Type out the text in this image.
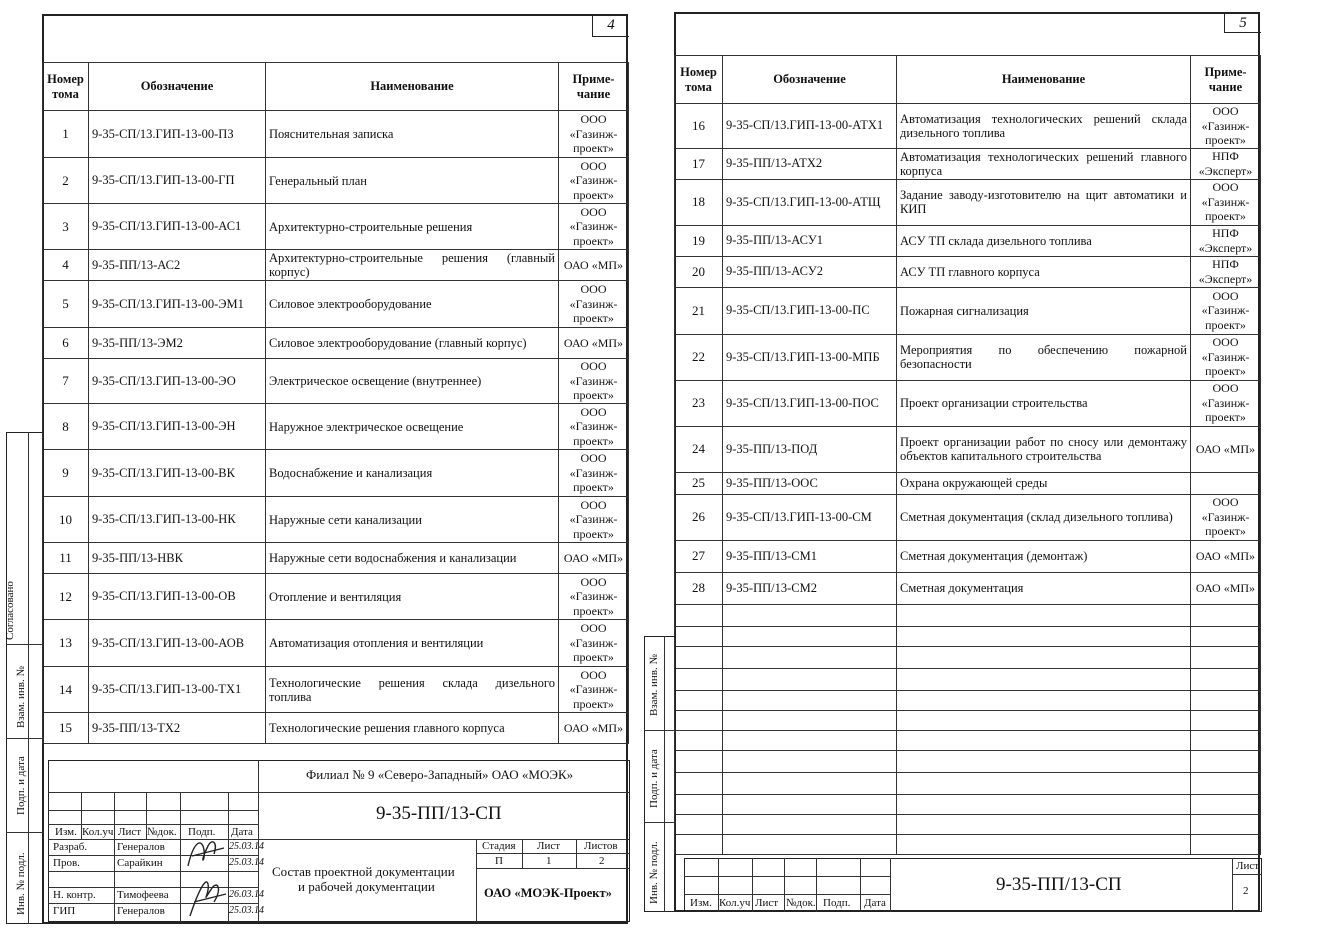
4
Номер тома	Обозначение	Наименование	Приме-чание
1	9-35-СП/13.ГИП-13-00-ПЗ	Пояснительная записка	ООО «Газинж-проект»
2	9-35-СП/13.ГИП-13-00-ГП	Генеральный план	ООО «Газинж-проект»
3	9-35-СП/13.ГИП-13-00-АС1	Архитектурно-строительные решения	ООО «Газинж-проект»
4	9-35-ПП/13-АС2	Архитектурно-строительные решения (главный корпус)	ОАО «МП»
5	9-35-СП/13.ГИП-13-00-ЭМ1	Силовое электрооборудование	ООО «Газинж-проект»
6	9-35-ПП/13-ЭМ2	Силовое электрооборудование (главный корпус)	ОАО «МП»
7	9-35-СП/13.ГИП-13-00-ЭО	Электрическое освещение (внутреннее)	ООО «Газинж-проект»
8	9-35-СП/13.ГИП-13-00-ЭН	Наружное электрическое освещение	ООО «Газинж-проект»
9	9-35-СП/13.ГИП-13-00-ВК	Водоснабжение и канализация	ООО «Газинж-проект»
10	9-35-СП/13.ГИП-13-00-НК	Наружные сети канализации	ООО «Газинж-проект»
11	9-35-ПП/13-НВК	Наружные сети водоснабжения и канализации	ОАО «МП»
12	9-35-СП/13.ГИП-13-00-ОВ	Отопление и вентиляция	ООО «Газинж-проект»
13	9-35-СП/13.ГИП-13-00-АОВ	Автоматизация отопления и вентиляции	ООО «Газинж-проект»
14	9-35-СП/13.ГИП-13-00-ТХ1	Технологические решения склада дизельного топлива	ООО «Газинж-проект»
15	9-35-ПП/13-ТХ2	Технологические решения главного корпуса	ОАО «МП»
Согласовано
Взам. инв. №
Подп. и дата
Инв. № подл.
Филиал № 9 «Северо-Западный» ОАО «МОЭК»
9-35-ПП/13-СП
Изм. Кол.уч Лист №док. Подп. Дата
Разраб.	Генералов	25.03.14
Пров.	Сарайкин	25.03.14
Н. контр. Тимофеева	26.03.14
ГИП	Генералов	25.03.14
Состав проектной документации
и рабочей документации
Стадия Лист Листов
П	1	2
ОАО «МОЭК-Проект»
5
Номер тома	Обозначение	Наименование	Приме-чание
16	9-35-СП/13.ГИП-13-00-АТХ1	Автоматизация технологических решений склада дизельного топлива	ООО «Газинж-проект»
17	9-35-ПП/13-АТХ2	Автоматизация технологических решений главного корпуса	НПФ «Эксперт»
18	9-35-СП/13.ГИП-13-00-АТЩ	Задание заводу-изготовителю на щит автоматики и КИП	ООО «Газинж-проект»
19	9-35-ПП/13-АСУ1	АСУ ТП склада дизельного топлива	НПФ «Эксперт»
20	9-35-ПП/13-АСУ2	АСУ ТП главного корпуса	НПФ «Эксперт»
21	9-35-СП/13.ГИП-13-00-ПС	Пожарная сигнализация	ООО «Газинж-проект»
22	9-35-СП/13.ГИП-13-00-МПБ	Мероприятия по обеспечению пожарной безопасности	ООО «Газинж-проект»
23	9-35-СП/13.ГИП-13-00-ПОС	Проект организации строительства	ООО «Газинж-проект»
24	9-35-ПП/13-ПОД	Проект организации работ по сносу или демонтажу объектов капитального строительства	ОАО «МП»
25	9-35-ПП/13-ООС	Охрана окружающей среды	
26	9-35-СП/13.ГИП-13-00-СМ	Сметная документация (склад дизельного топлива)	ООО «Газинж-проект»
27	9-35-ПП/13-СМ1	Сметная документация (демонтаж)	ОАО «МП»
28	9-35-ПП/13-СМ2	Сметная документация	ОАО «МП»

Взам. инв. №
Подп. и дата
Инв. № подл.	Изм. Кол.уч Лист №док. Подп. Дата
9-35-ПП/13-СП
Лист
2
